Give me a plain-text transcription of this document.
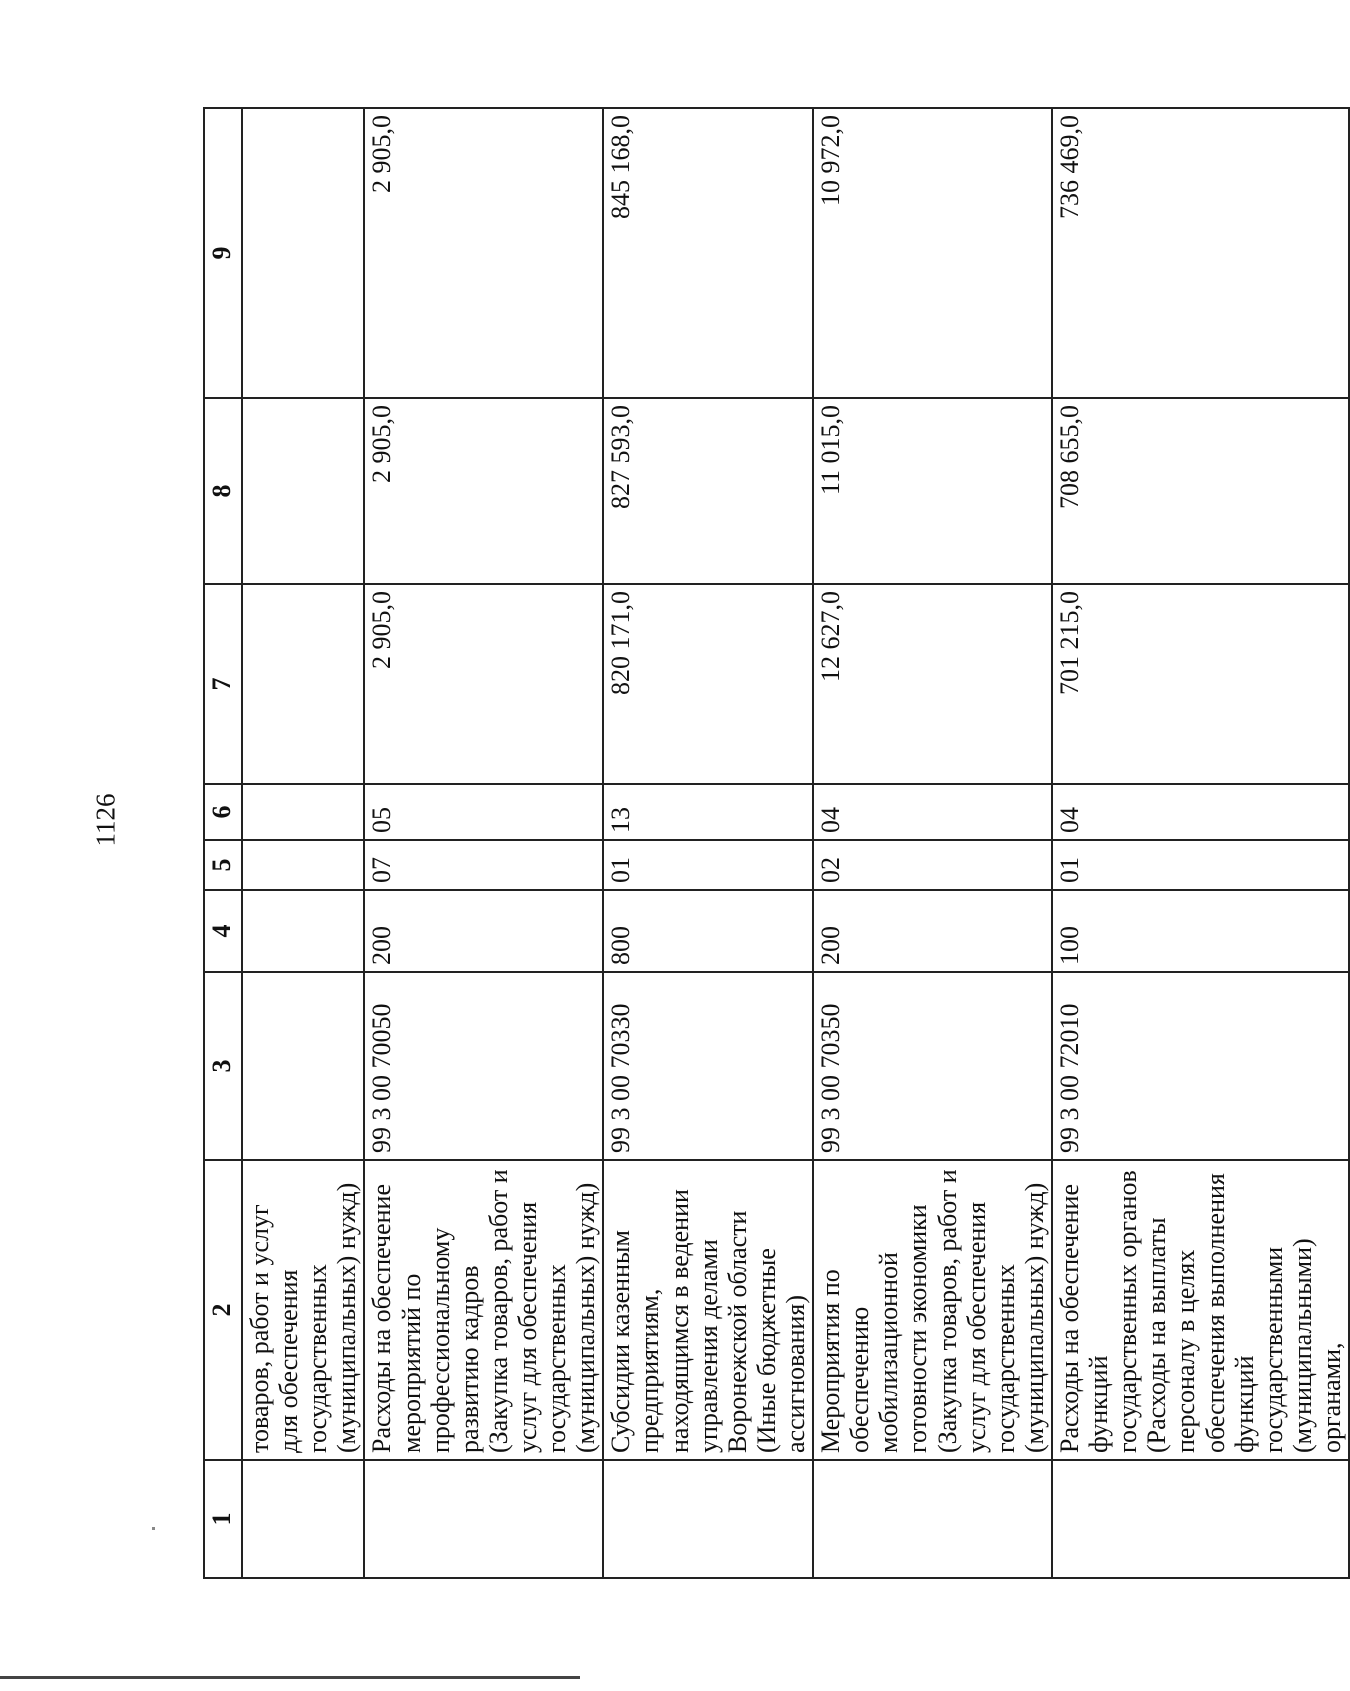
1126
1	2	3	4	5	6	7	8	9
	товаров, работ и услуг для обеспечения государственных (муниципальных) нужд)							
	Расходы на обеспечение мероприятий по профессиональному развитию кадров (Закупка товаров, работ и услуг для обеспечения государственных (муниципальных) нужд)	99 3 00 70050	200	07	05	2 905,0	2 905,0	2 905,0
	Субсидии казенным предприятиям, находящимся в ведении управления делами Воронежской области (Иные бюджетные ассигнования)	99 3 00 70330	800	01	13	820 171,0	827 593,0	845 168,0
	Мероприятия по обеспечению мобилизационной готовности экономики (Закупка товаров, работ и услуг для обеспечения государственных (муниципальных) нужд)	99 3 00 70350	200	02	04	12 627,0	11 015,0	10 972,0
	Расходы на обеспечение функций государственных органов (Расходы на выплаты персоналу в целях обеспечения выполнения функций государственными (муниципальными) органами,	99 3 00 72010	100	01	04	701 215,0	708 655,0	736 469,0
